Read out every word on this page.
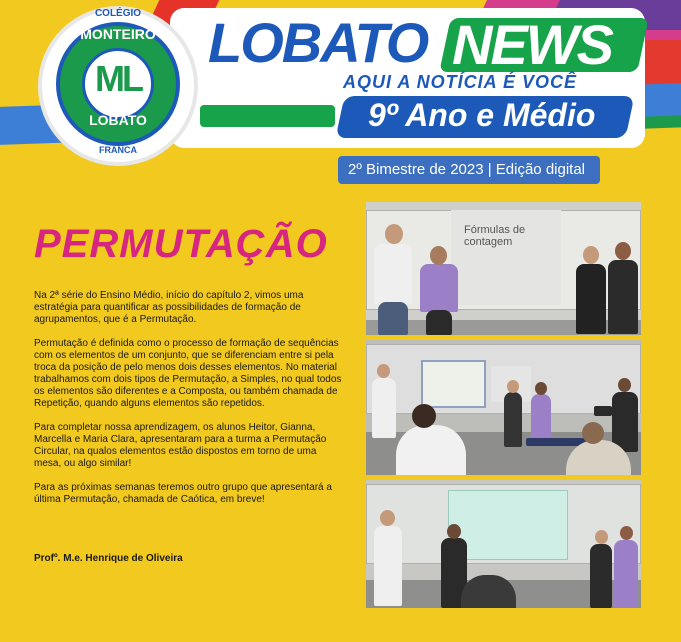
LOBATO NEWS
AQUI A NOTÍCIA É VOCÊ
9º Ano e Médio
2º Bimestre de 2023 | Edição digital
ML
COLÉGIO
MONTEIRO
LOBATO
FRANCA
PERMUTAÇÃO

Na 2ª série do Ensino Médio, início do capítulo 2, vimos uma estratégia para quantificar as possibilidades de formação de agrupamentos, que é a Permutação.

Permutação é definida como o processo de formação de sequências com os elementos de um conjunto, que se diferenciam entre si pela troca da posição de pelo menos dois desses elementos. No material trabalhamos com dois tipos de Permutação, a Simples, no qual todos os elementos são diferentes e a Composta, ou também chamada de Repetição, quando alguns elementos são repetidos.

Para completar nossa aprendizagem, os alunos Heitor, Gianna, Marcella e Maria Clara, apresentaram para a turma a Permutação Circular, na qualos elementos estão dispostos em torno de uma mesa, ou algo similar!

Para as próximas semanas teremos outro grupo que apresentará a última Permutação, chamada de Caótica, em breve!

Profº. M.e. Henrique de Oliveira
Fórmulas de contagem
